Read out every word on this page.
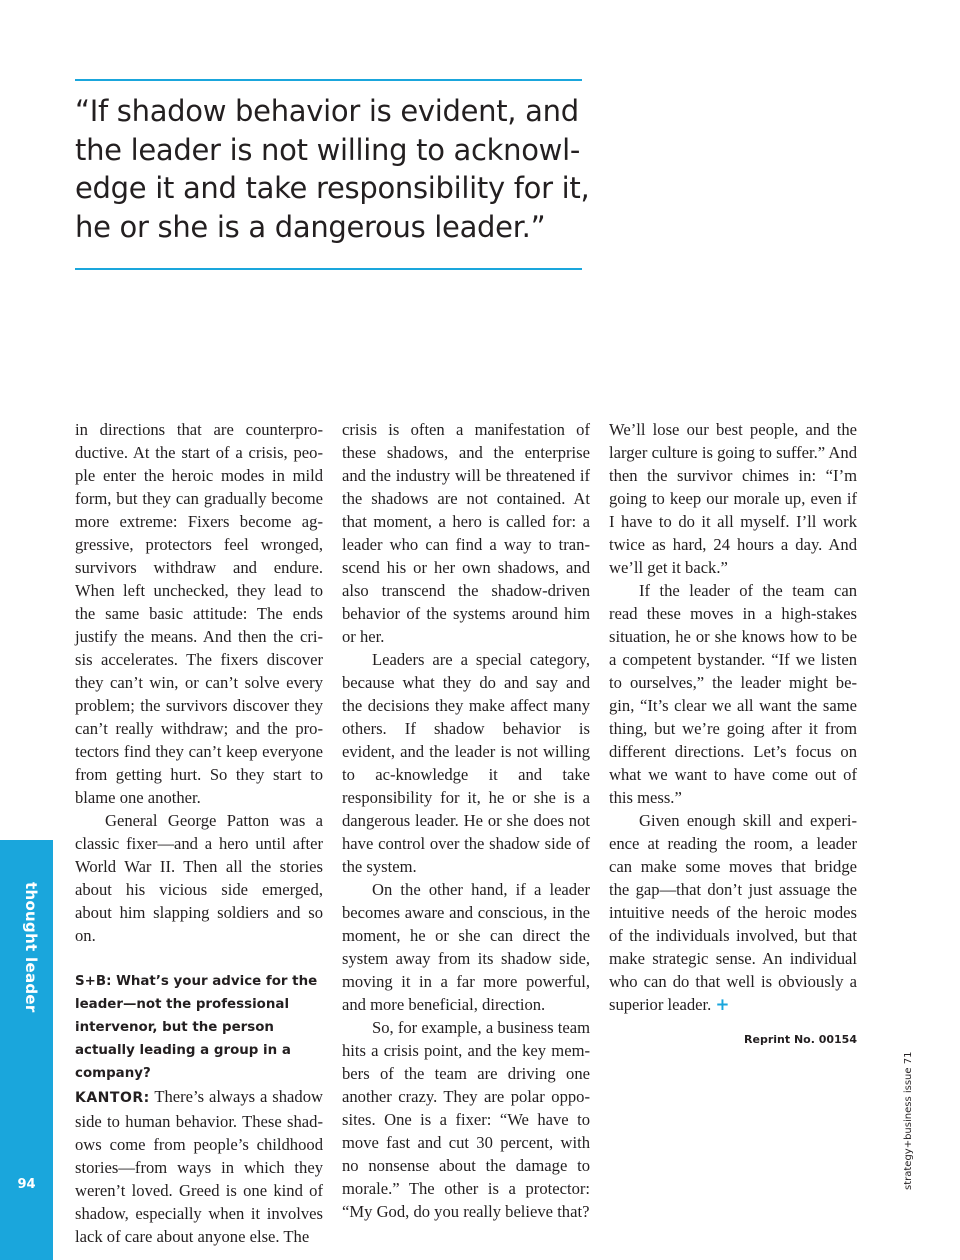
“If shadow behavior is evident, and the leader is not willing to acknowl-edge it and take responsibility for it, he or she is a dangerous leader.”

in directions that are counterpro-ductive. At the start of a crisis, peo-ple enter the heroic modes in mild form, but they can gradually become more extreme: Fixers become ag-gressive, protectors feel wronged, survivors withdraw and endure. When left unchecked, they lead to the same basic attitude: The ends justify the means. And then the cri-sis accelerates. The fixers discover they can’t win, or can’t solve every problem; the survivors discover they can’t really withdraw; and the pro-tectors find they can’t keep everyone from getting hurt. So they start to blame one another.

General George Patton was a classic fixer—and a hero until after World War II. Then all the stories about his vicious side emerged, about him slapping soldiers and so on.

S+B: What’s your advice for the leader—not the professional intervenor, but the person actually leading a group in a company?

KANTOR: There’s always a shadow side to human behavior. These shad-ows come from people’s childhood stories—from ways in which they weren’t loved. Greed is one kind of shadow, especially when it involves lack of care about anyone else. The

crisis is often a manifestation of these shadows, and the enterprise and the industry will be threatened if the shadows are not contained. At that moment, a hero is called for: a leader who can find a way to tran-scend his or her own shadows, and also transcend the shadow-driven behavior of the systems around him or her.

Leaders are a special category, because what they do and say and the decisions they make affect many others. If shadow behavior is evident, and the leader is not willing to ac-knowledge it and take responsibility for it, he or she is a dangerous leader. He or she does not have control over the shadow side of the system.

On the other hand, if a leader becomes aware and conscious, in the moment, he or she can direct the system away from its shadow side, moving it in a far more powerful, and more beneficial, direction.

So, for example, a business team hits a crisis point, and the key mem-bers of the team are driving one another crazy. They are polar oppo-sites. One is a fixer: “We have to move fast and cut 30 percent, with no nonsense about the damage to morale.” The other is a protector: “My God, do you really believe that?

We’ll lose our best people, and the larger culture is going to suffer.” And then the survivor chimes in: “I’m going to keep our morale up, even if I have to do it all myself. I’ll work twice as hard, 24 hours a day. And we’ll get it back.”

If the leader of the team can read these moves in a high-stakes situation, he or she knows how to be a competent bystander. “If we listen to ourselves,” the leader might be-gin, “It’s clear we all want the same thing, but we’re going after it from different directions. Let’s focus on what we want to have come out of this mess.”

Given enough skill and experi-ence at reading the room, a leader can make some moves that bridge the gap—that don’t just assuage the intuitive needs of the heroic modes of the individuals involved, but that make strategic sense. An individual who can do that well is obviously a superior leader. +

Reprint No. 00154
thought leader
94	strategy+business issue 71
